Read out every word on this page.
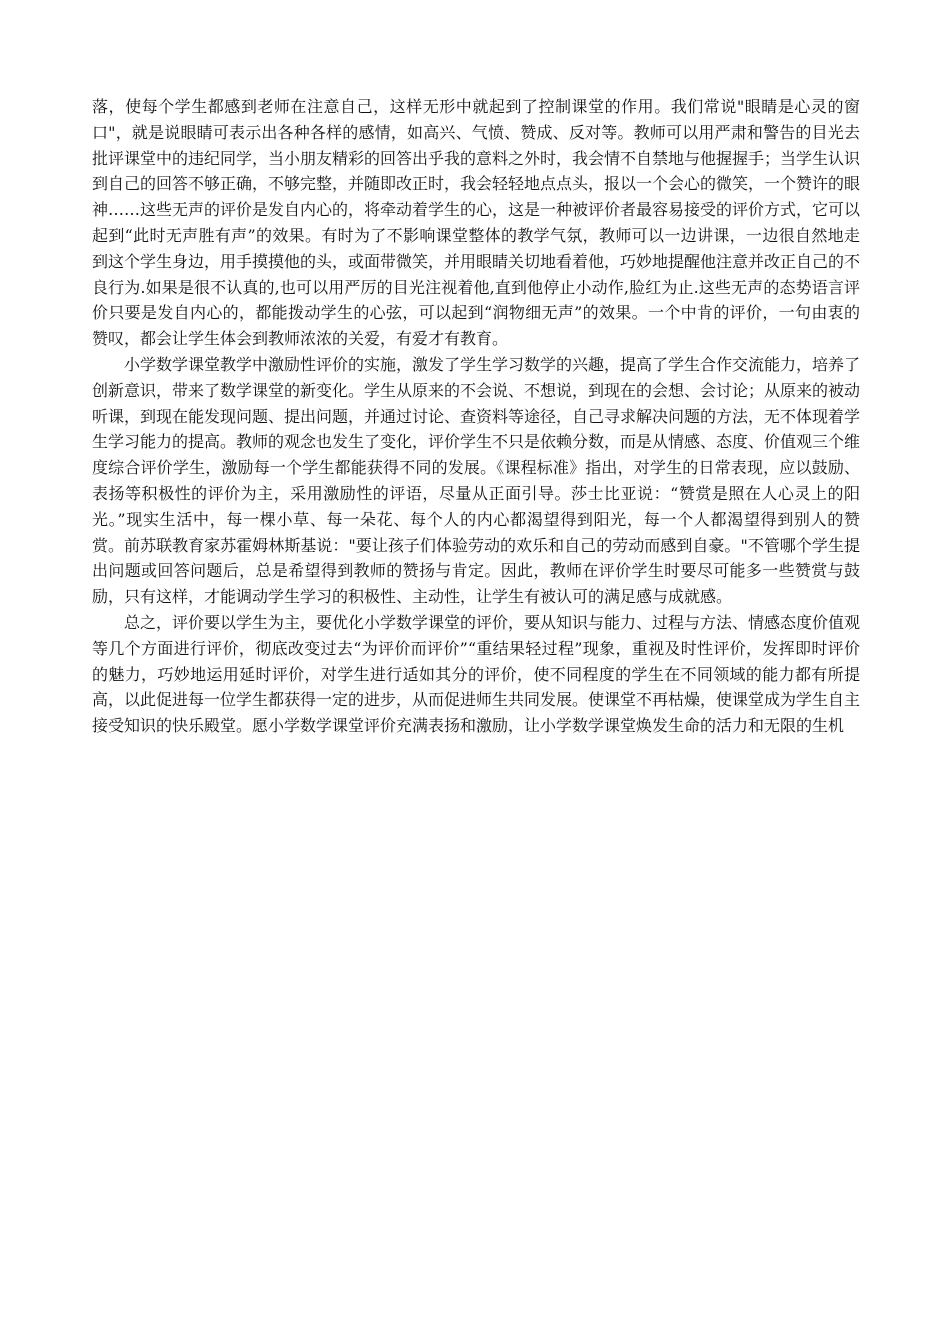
落，使每个学生都感到老师在注意自己，这样无形中就起到了控制课堂的作用。我们常说"眼睛是心灵的窗口"，就是说眼睛可表示出各种各样的感情，如高兴、气愤、赞成、反对等。教师可以用严肃和警告的目光去批评课堂中的违纪同学，当小朋友精彩的回答出乎我的意料之外时，我会情不自禁地与他握握手；当学生认识到自己的回答不够正确，不够完整，并随即改正时，我会轻轻地点点头，报以一个会心的微笑，一个赞许的眼神……这些无声的评价是发自内心的，将牵动着学生的心，这是一种被评价者最容易接受的评价方式，它可以起到“此时无声胜有声”的效果。有时为了不影响课堂整体的教学气氛，教师可以一边讲课，一边很自然地走到这个学生身边，用手摸摸他的头，或面带微笑，并用眼睛关切地看着他，巧妙地提醒他注意并改正自己的不良行为.如果是很不认真的,也可以用严厉的目光注视着他,直到他停止小动作,脸红为止.这些无声的态势语言评价只要是发自内心的，都能拨动学生的心弦，可以起到“润物细无声”的效果。一个中肯的评价，一句由衷的赞叹，都会让学生体会到教师浓浓的关爱，有爱才有教育。

小学数学课堂教学中激励性评价的实施，激发了学生学习数学的兴趣，提高了学生合作交流能力，培养了创新意识，带来了数学课堂的新变化。学生从原来的不会说、不想说，到现在的会想、会讨论；从原来的被动听课，到现在能发现问题、提出问题，并通过讨论、查资料等途径，自己寻求解决问题的方法，无不体现着学生学习能力的提高。教师的观念也发生了变化，评价学生不只是依赖分数，而是从情感、态度、价值观三个维度综合评价学生，激励每一个学生都能获得不同的发展。《课程标准》指出，对学生的日常表现，应以鼓励、表扬等积极性的评价为主，采用激励性的评语，尽量从正面引导。莎士比亚说：“赞赏是照在人心灵上的阳光。”现实生活中，每一棵小草、每一朵花、每个人的内心都渴望得到阳光，每一个人都渴望得到别人的赞赏。前苏联教育家苏霍姆林斯基说："要让孩子们体验劳动的欢乐和自己的劳动而感到自豪。"不管哪个学生提出问题或回答问题后，总是希望得到教师的赞扬与肯定。因此，教师在评价学生时要尽可能多一些赞赏与鼓励，只有这样，才能调动学生学习的积极性、主动性，让学生有被认可的满足感与成就感。

总之，评价要以学生为主，要优化小学数学课堂的评价，要从知识与能力、过程与方法、情感态度价值观等几个方面进行评价，彻底改变过去“为评价而评价”“重结果轻过程”现象，重视及时性评价，发挥即时评价的魅力，巧妙地运用延时评价，对学生进行适如其分的评价，使不同程度的学生在不同领域的能力都有所提高，以此促进每一位学生都获得一定的进步，从而促进师生共同发展。使课堂不再枯燥，使课堂成为学生自主接受知识的快乐殿堂。愿小学数学课堂评价充满表扬和激励，让小学数学课堂焕发生命的活力和无限的生机
